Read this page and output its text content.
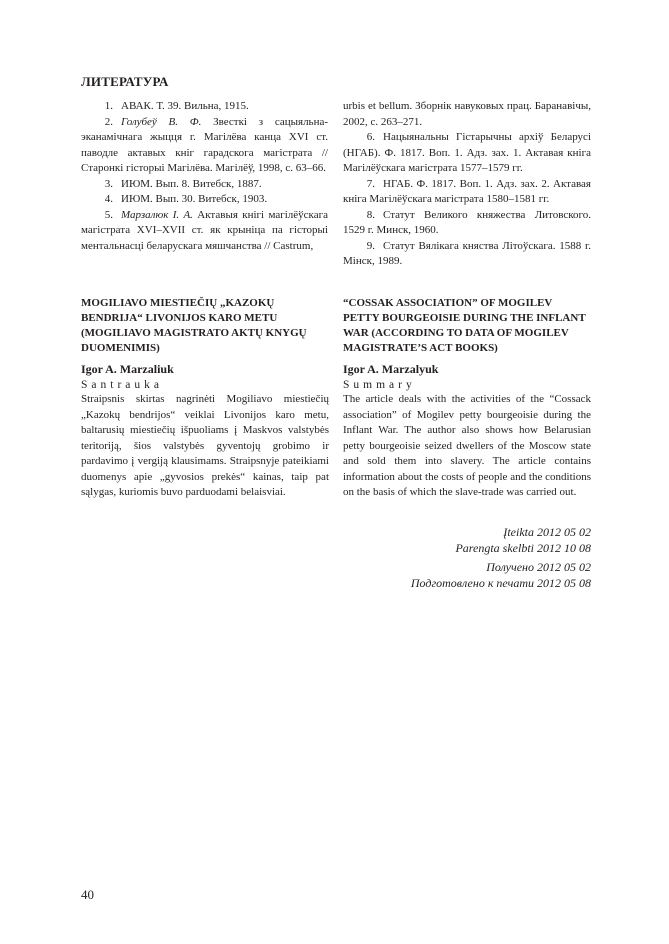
ЛИТЕРАТУРА

1. АВАК. Т. 39. Вильна, 1915.

2. Голубеў В. Ф. Звесткі з сацыяльна-эканамічнага жыцця г. Магілёва канца XVI ст. паводле актавых кніг гарадскога магістрата // Старонкі гісторыі Магілёва. Магілёў, 1998, с. 63–66.

3. ИЮМ. Вып. 8. Витебск, 1887.

4. ИЮМ. Вып. 30. Витебск, 1903.

5. Марзалюк І. А. Актавыя кнігі магілёўскага магістрата XVI–XVII ст. як крыніца па гісторыі ментальнасці беларускага мяшчанства // Castrum,

urbis et bellum. Зборнік навуковых прац. Баранавічы, 2002, с. 263–271.

6. Нацыянальны Гістарычны архіў Беларусі (НГАБ). Ф. 1817. Воп. 1. Адз. зах. 1. Актавая кніга Магілёўскага магістрата 1577–1579 гг.

7. НГАБ. Ф. 1817. Воп. 1. Адз. зах. 2. Актавая кніга Магілёўскага магістрата 1580–1581 гг.

8. Статут Великого княжества Литовского. 1529 г. Минск, 1960.

9. Статут Вялікага княства Літоўскага. 1588 г. Мінск, 1989.

MOGILIAVO MIESTIEČIŲ „KAZOKŲ BENDRIJA“ LIVONIJOS KARO METU (MOGILIAVO MAGISTRATO AKTŲ KNYGŲ DUOMENIMIS)

Igor A. Marzaliuk

Santrauka

Straipsnis skirtas nagrinėti Mogiliavo miestiečių „Kazokų bendrijos“ veiklai Livonijos karo metu, baltarusių miestiečių išpuoliams į Maskvos valstybės teritoriją, šios valstybės gyventojų grobimo ir pardavimo į vergiją klausimams. Straipsnyje pateikiami duomenys apie „gyvosios prekės“ kainas, taip pat sąlygas, kuriomis buvo parduodami belaisviai.

“COSSAK ASSOCIATION” OF MOGILEV PETTY BOURGEOISIE DURING THE INFLANT WAR (ACCORDING TO DATA OF MOGILEV MAGISTRATE’S ACT BOOKS)

Igor A. Marzalyuk

Summary

The article deals with the activities of the “Cossack association” of Mogilev petty bourgeoisie during the Inflant War. The author also shows how Belarusian petty bourgeoisie seized dwellers of the Moscow state and sold them into slavery. The article contains information about the costs of people and the conditions on the basis of which the slave-trade was carried out.

Įteikta 2012 05 02
Parengta skelbti 2012 10 08
Получено 2012 05 02
Подготовлено к печати 2012 05 08
40
